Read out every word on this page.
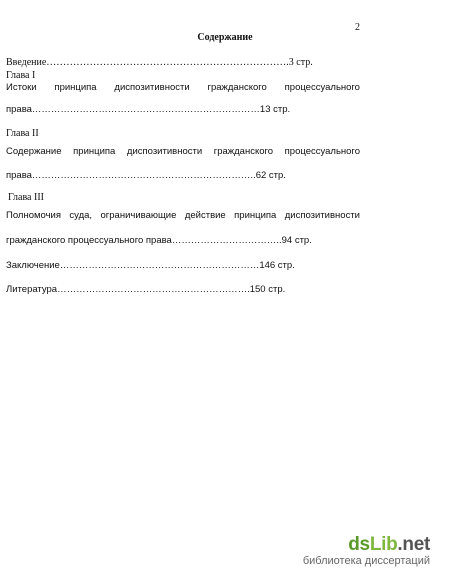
2
Содержание
Введение……………………………………………………………….3 стр.
Глава I
Истоки принципа диспозитивности гражданского процессуального
права………………………………………………………………13 стр.
Глава II
Содержание принципа диспозитивности гражданского процессуального
права……………………………………………………………..62 стр.
Глава III
Полномочия суда, ограничивающие действие принципа диспозитивности
гражданского процессуального права……………………………..94 стр.
Заключение………………………………………………………146 стр.
Литература…………………………………………………….150 стр.
dsLib.net
библиотека диссертаций
